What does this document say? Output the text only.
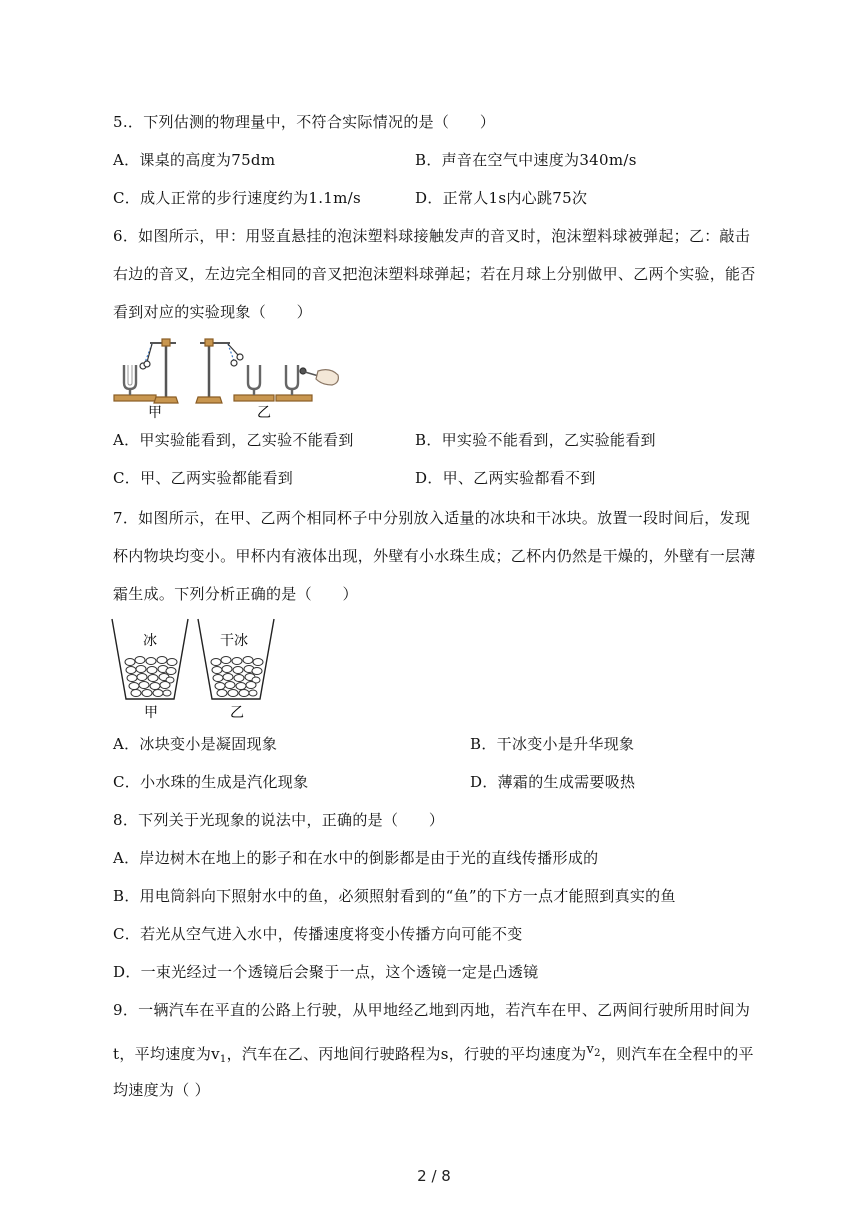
5.．下列估测的物理量中，不符合实际情况的是（　　）
A．课桌的高度为75dm	B．声音在空气中速度为340m/s
C．成人正常的步行速度约为1.1m/s	D．正常人1s内心跳75次
6．如图所示，甲：用竖直悬挂的泡沫塑料球接触发声的音叉时，泡沫塑料球被弹起；乙：敲击
右边的音叉，左边完全相同的音叉把泡沫塑料球弹起；若在月球上分别做甲、乙两个实验，能否
看到对应的实验现象（　　）
甲	乙
A．甲实验能看到，乙实验不能看到	B．甲实验不能看到，乙实验能看到
C．甲、乙两实验都能看到	D．甲、乙两实验都看不到
7．如图所示，在甲、乙两个相同杯子中分别放入适量的冰块和干冰块。放置一段时间后，发现
杯内物块均变小。甲杯内有液体出现，外壁有小水珠生成；乙杯内仍然是干燥的，外壁有一层薄
霜生成。下列分析正确的是（　　）
冰	干冰
甲	乙
A．冰块变小是凝固现象	B．干冰变小是升华现象
C．小水珠的生成是汽化现象	D．薄霜的生成需要吸热
8．下列关于光现象的说法中，正确的是（　　）
A．岸边树木在地上的影子和在水中的倒影都是由于光的直线传播形成的
B．用电筒斜向下照射水中的鱼，必须照射看到的“鱼”的下方一点才能照到真实的鱼
C．若光从空气进入水中，传播速度将变小传播方向可能不变
D．一束光经过一个透镜后会聚于一点，这个透镜一定是凸透镜
9．一辆汽车在平直的公路上行驶，从甲地经乙地到丙地，若汽车在甲、乙两间行驶所用时间为
t，平均速度为$v_1$，汽车在乙、丙地间行驶路程为s，行驶的平均速度为$v_2$，则汽车在全程中的平
均速度为（ ）
2 / 8
